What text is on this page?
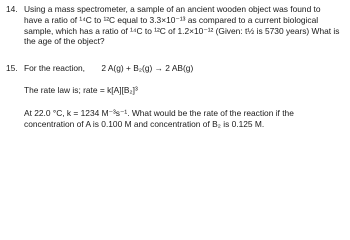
14. Using a mass spectrometer, a sample of an ancient wooden object was found to have a ratio of ¹⁴C to ¹²C equal to 3.3×10⁻¹³ as compared to a current biological sample, which has a ratio of ¹⁴C to ¹²C of 1.2×10⁻¹² (Given: t½ is 5730 years) What is the age of the object?

15. For the reaction, 2 A(g) + B₂(g) → 2 AB(g)
The rate law is; rate = k[A][B₂]³

At 22.0 °C, k = 1234 M⁻³s⁻¹. What would be the rate of the reaction if the concentration of A is 0.100 M and concentration of B₂ is 0.125 M.
